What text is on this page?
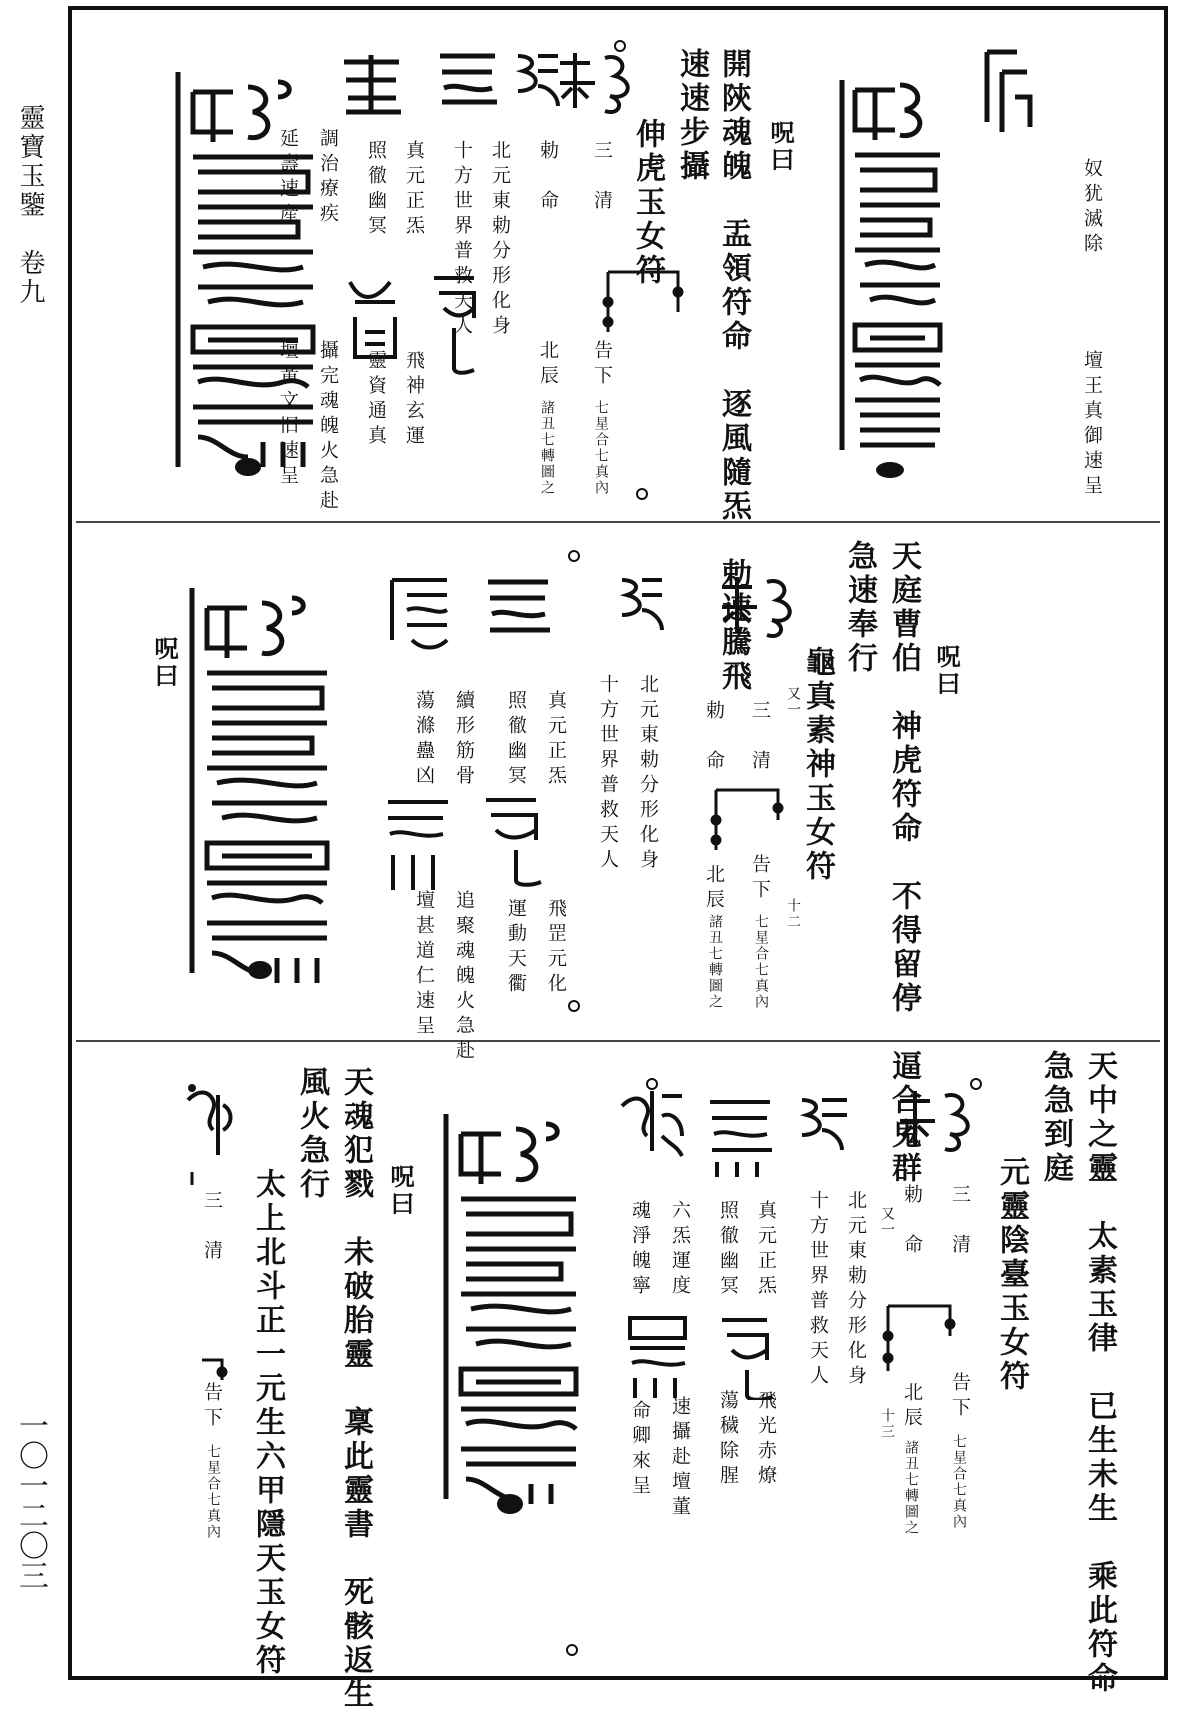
靈寶玉鑒　卷九
一〇一二〇三
奴犹滅除
壇王真御速呈
開陝魂魄　盂領符命　逐風隨炁　勅速騰飛
速速步攝 呪曰
伸虎玉女符
三　清
告下
七星合七真內
勅　命
北辰
諸丑七轉圖之
北元東勅分形化身
十方世界普救天人
真元正炁
飛神玄運
照徹幽冥
靈資通真
調治療疾
攝完魂魄火急赴
延壽速產
壇黃文旧速呈
呪曰
天庭曹伯　神虎符命　不得留停　逼合鬼群
急速奉行
龜真素神玉女符
又一
十二
三　清
告下
七星合七真內
勅　命
北辰
諸丑七轉圖之
北元東勅分形化身
十方世界普救天人
真元正炁
飛罡元化
照徹幽冥
運動天衢
續形筋骨
追聚魂魄火急赴
蕩滌蠱凶
壇甚道仁速呈
呪曰
天中之靈　太素玉律　已生未生　乘此符命
急急到庭
元靈陰臺玉女符
三　清
告下
七星合七真內
勅　命
北辰
諸丑七轉圖之
又一
十三
北元東勅分形化身
十方世界普救天人
真元正炁
飛光赤燎
照徹幽冥
蕩穢除腥
六炁運度
速攝赴壇董
魂淨魄寧
命卿來呈
呪曰
天魂犯戮　未破胎靈　稟此靈書　死骸返生
風火急行
太上北斗正一元生六甲隱天玉女符
三　清
告下
七星合七真內
